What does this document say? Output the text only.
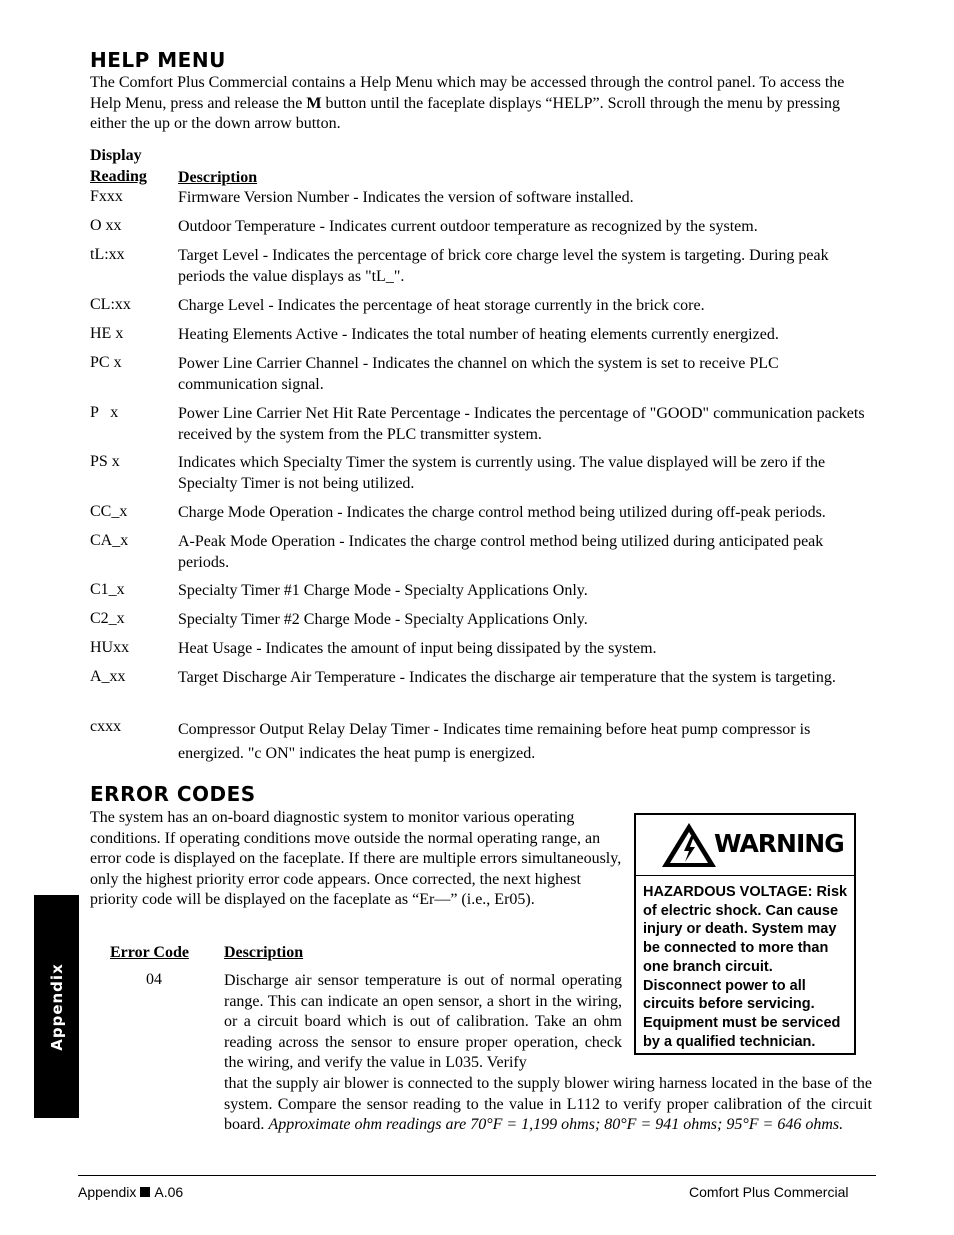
HELP MENU

The Comfort Plus Commercial contains a Help Menu which may be accessed through the control panel. To access the Help Menu, press and release the M button until the faceplate displays “HELP”. Scroll through the menu by pressing either the up or the down arrow button.

Display
Reading Description
Fxxx	Firmware Version Number - Indicates the version of software installed.
O xx	Outdoor Temperature - Indicates current outdoor temperature as recognized by the system.
tL:xx	Target Level - Indicates the percentage of brick core charge level the system is targeting. During peak periods the value displays as "tL_".
CL:xx	Charge Level - Indicates the percentage of heat storage currently in the brick core.
HE x	Heating Elements Active - Indicates the total number of heating elements currently energized.
PC x	Power Line Carrier Channel - Indicates the channel on which the system is set to receive PLC communication signal.
P   x	Power Line Carrier Net Hit Rate Percentage - Indicates the percentage of "GOOD" communication packets received by the system from the PLC transmitter system.
PS x	Indicates which Specialty Timer the system is currently using. The value displayed will be zero if the Specialty Timer is not being utilized.
CC_x	Charge Mode Operation - Indicates the charge control method being utilized during off-peak periods.
CA_x	A-Peak Mode Operation - Indicates the charge control method being utilized during anticipated peak periods.
C1_x	Specialty Timer #1 Charge Mode - Specialty Applications Only.
C2_x	Specialty Timer #2 Charge Mode - Specialty Applications Only.
HUxx	Heat Usage - Indicates the amount of input being dissipated by the system.
A_xx	Target Discharge Air Temperature - Indicates the discharge air temperature that the system is targeting.
cxxx	Compressor Output Relay Delay Timer - Indicates time remaining before heat pump compressor is energized. "c ON" indicates the heat pump is energized.
ERROR CODES

The system has an on-board diagnostic system to monitor various operating conditions. If operating conditions move outside the normal operating range, an error code is displayed on the faceplate. If there are multiple errors simultaneously, only the highest priority error code appears. Once corrected, the next highest priority code will be displayed on the faceplate as “Er—” (i.e., Er05).

Error Code Description
04	Discharge air sensor temperature is out of normal operating range. This can indicate an open sensor, a short in the wiring, or a circuit board which is out of calibration. Take an ohm reading across the sensor to ensure proper operation, check the wiring, and verify the value in L035. Verify

that the supply air blower is connected to the supply blower wiring harness located in the base of the system. Compare the sensor reading to the value in L112 to verify proper calibration of the circuit board. Approximate ohm readings are 70°F = 1,199 ohms; 80°F = 941 ohms; 95°F = 646 ohms.

WARNING
HAZARDOUS VOLTAGE: Risk of electric shock. Can cause injury or death. System may be connected to more than one branch circuit. Disconnect power to all circuits before servicing. Equipment must be serviced by a qualified technician.
Appendix
Appendix A.06	Comfort Plus Commercial
